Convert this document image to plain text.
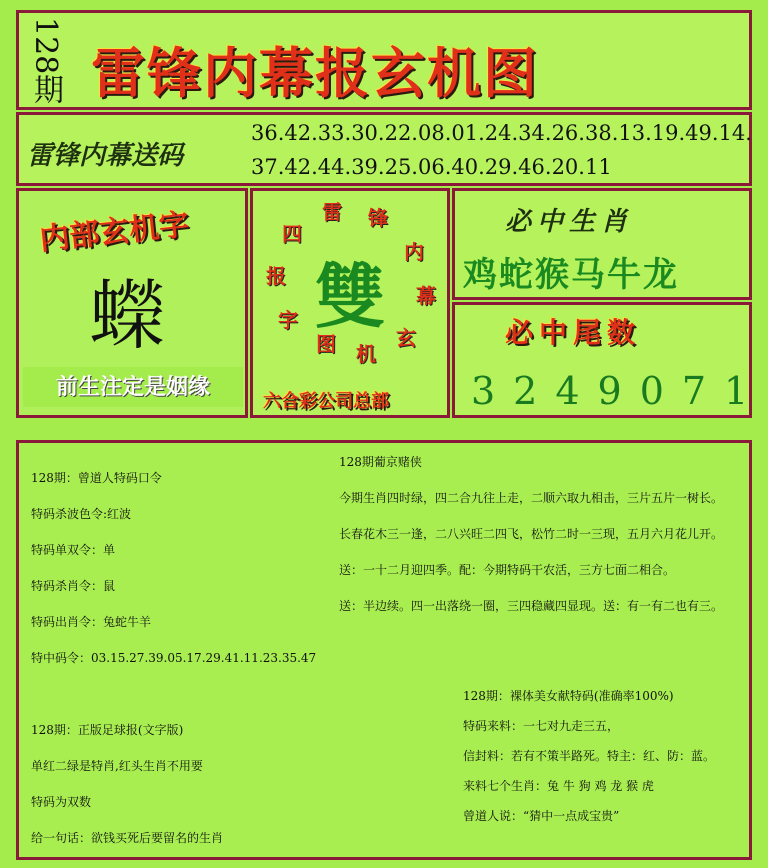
128期 雷锋内幕报玄机图
雷锋内幕送码
36.42.33.30.22.08.01.24.34.26.38.13.19.49.14.
37.42.44.39.25.06.40.29.46.20.11
内部玄机字
蠑
前生注定是姻缘
雙
雷 锋
内
幕
玄
机
图
字
报
四
六合彩公司总部
必中生肖
鸡蛇猴马牛龙
必中尾数
3249071
128期：曾道人特码口令
特码杀波色令:红波
特码单双令：单
特码杀肖令：鼠
特码出肖令：兔蛇牛羊
特中码令：03.15.27.39.05.17.29.41.11.23.35.47
128期：正版足球报(文字版)
单红二绿是特肖,红头生肖不用要
特码为双数
给一句话：欲钱买死后要留名的生肖
128期葡京赌侠
今期生肖四时绿，四二合九往上走，二顺六取九相击，三片五片一树长。
长春花木三一逢，二八兴旺二四飞，松竹二时一三现，五月六月花儿开。
送：一十二月迎四季。配：今期特码干农活，三方七面二相合。
送：半边续。四一出落绕一圈，三四稳藏四显现。送：有一有二也有三。
128期：裸体美女献特码(准确率100%)
特码来料：一七对九走三五，
信封料：若有不策半路死。特主：红、防：蓝。
来料七个生肖：兔 牛 狗 鸡 龙 猴 虎
曾道人说：“猜中一点成宝贵”
